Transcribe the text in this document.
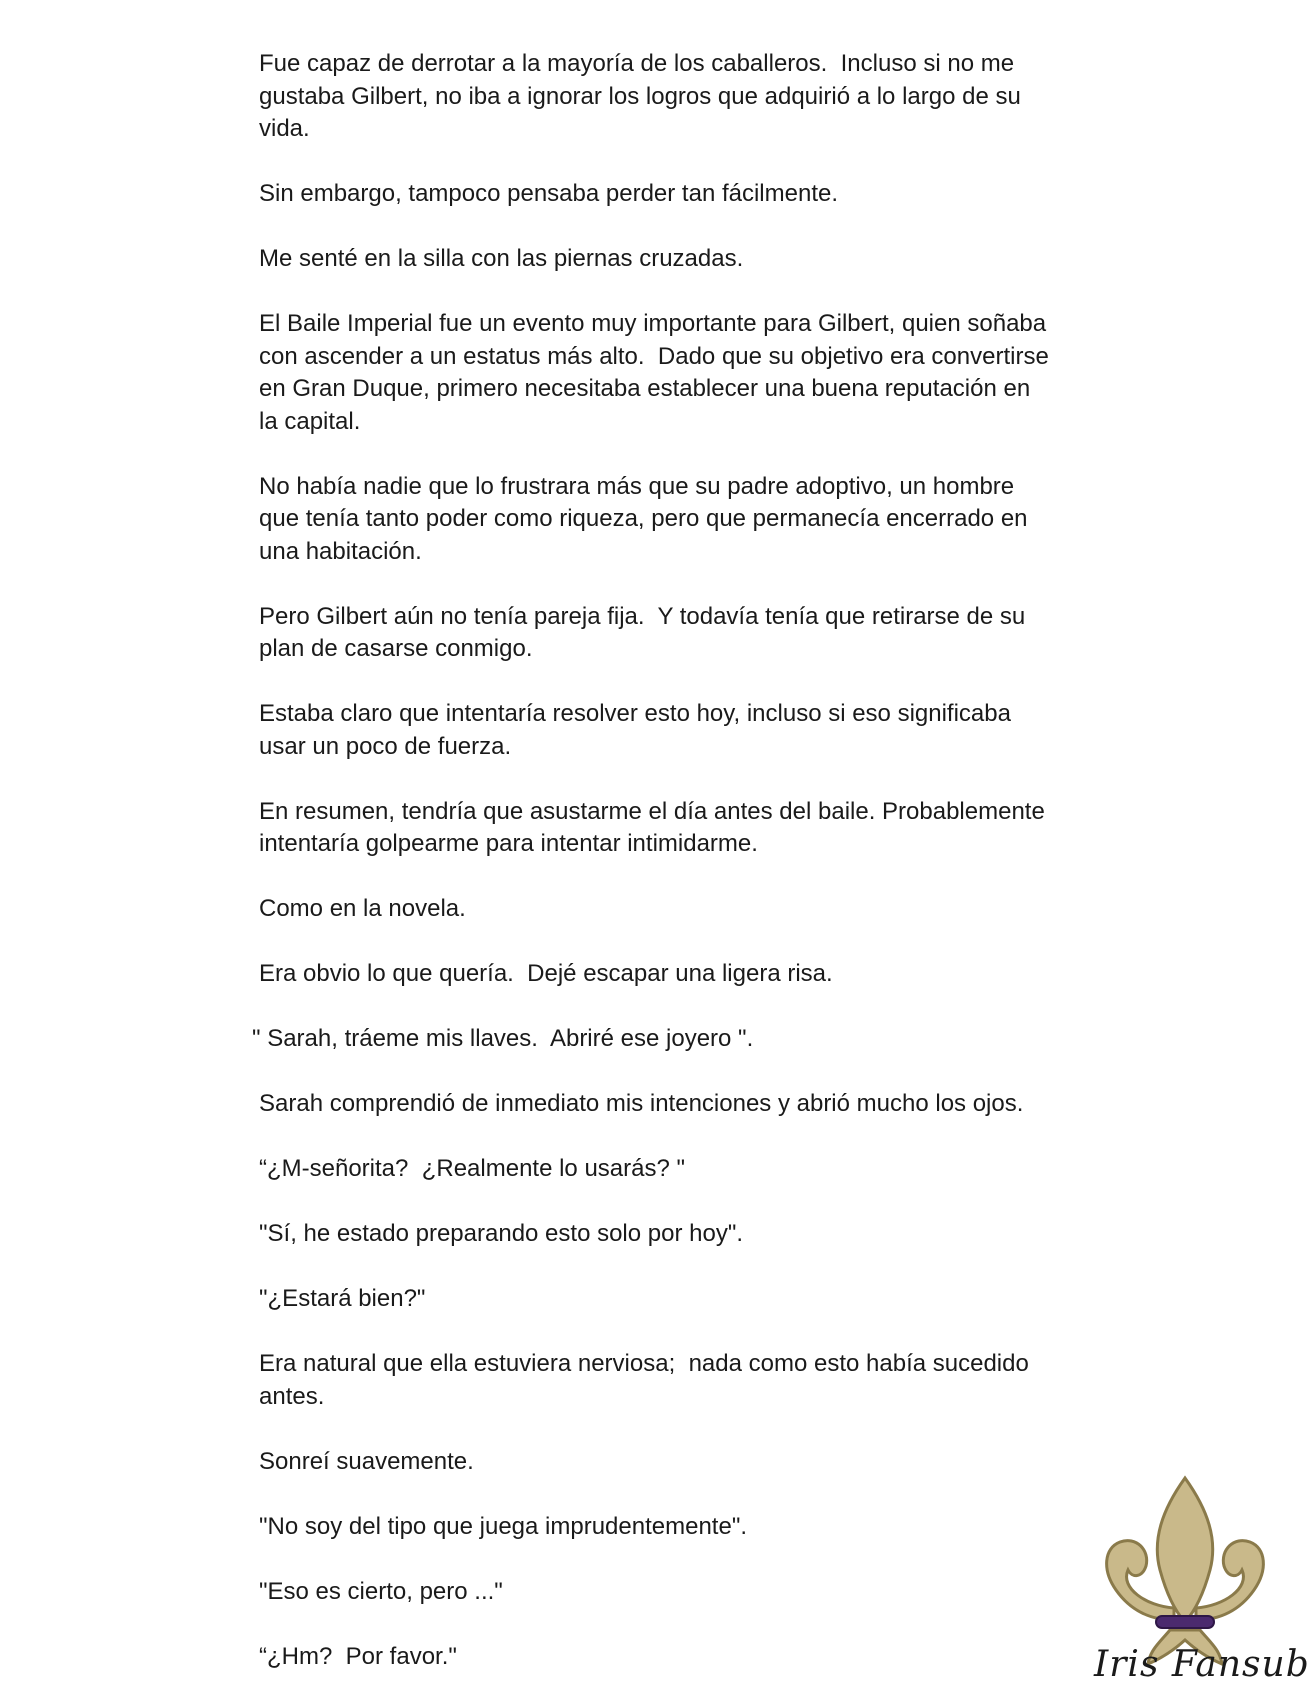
Fue capaz de derrotar a la mayoría de los caballeros.  Incluso si no me gustaba Gilbert, no iba a ignorar los logros que adquirió a lo largo de su vida.

Sin embargo, tampoco pensaba perder tan fácilmente.

Me senté en la silla con las piernas cruzadas.

El Baile Imperial fue un evento muy importante para Gilbert, quien soñaba con ascender a un estatus más alto.  Dado que su objetivo era convertirse en Gran Duque, primero necesitaba establecer una buena reputación en la capital.

No había nadie que lo frustrara más que su padre adoptivo, un hombre que tenía tanto poder como riqueza, pero que permanecía encerrado en una habitación.

Pero Gilbert aún no tenía pareja fija.  Y todavía tenía que retirarse de su plan de casarse conmigo.

Estaba claro que intentaría resolver esto hoy, incluso si eso significaba usar un poco de fuerza.

En resumen, tendría que asustarme el día antes del baile. Probablemente intentaría golpearme para intentar intimidarme.

Como en la novela.

Era obvio lo que quería.  Dejé escapar una ligera risa.

" Sarah, tráeme mis llaves.  Abriré ese joyero ".

Sarah comprendió de inmediato mis intenciones y abrió mucho los ojos.

“¿M-señorita?  ¿Realmente lo usarás? "

"Sí, he estado preparando esto solo por hoy".

"¿Estará bien?"

Era natural que ella estuviera nerviosa;  nada como esto había sucedido antes.

Sonreí suavemente.

"No soy del tipo que juega imprudentemente".

"Eso es cierto, pero ..."

“¿Hm?  Por favor."	Iris Fansub
